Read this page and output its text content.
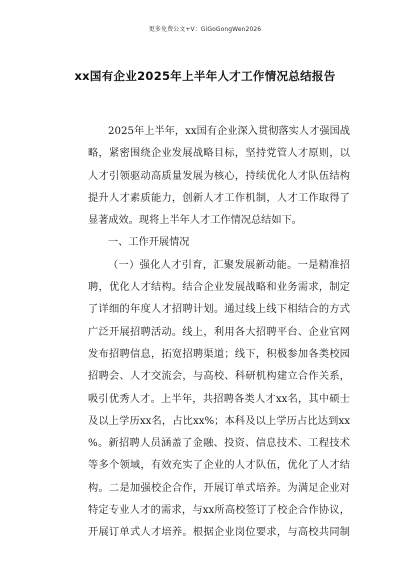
更多免费公文+V：GiGoGongWen2026
xx国有企业2025年上半年人才工作情况总结报告
2025年上半年，xx国有企业深入贯彻落实人才强国战
略，紧密围绕企业发展战略目标，坚持党管人才原则，以
人才引领驱动高质量发展为核心，持续优化人才队伍结构
提升人才素质能力，创新人才工作机制，人才工作取得了
显著成效。现将上半年人才工作情况总结如下。
一、工作开展情况
（一）强化人才引育，汇聚发展新动能。一是精准招
聘，优化人才结构。结合企业发展战略和业务需求，制定
了详细的年度人才招聘计划。通过线上线下相结合的方式
广泛开展招聘活动。线上，利用各大招聘平台、企业官网
发布招聘信息，拓宽招聘渠道；线下，积极参加各类校园
招聘会、人才交流会，与高校、科研机构建立合作关系，
吸引优秀人才。上半年，共招聘各类人才xx名，其中硕士
及以上学历xx名，占比xx%；本科及以上学历占比达到xx
%。新招聘人员涵盖了金融、投资、信息技术、工程技术
等多个领域，有效充实了企业的人才队伍，优化了人才结
构。二是加强校企合作，开展订单式培养。为满足企业对
特定专业人才的需求，与xx所高校签订了校企合作协议，
开展订单式人才培养。根据企业岗位要求，与高校共同制
